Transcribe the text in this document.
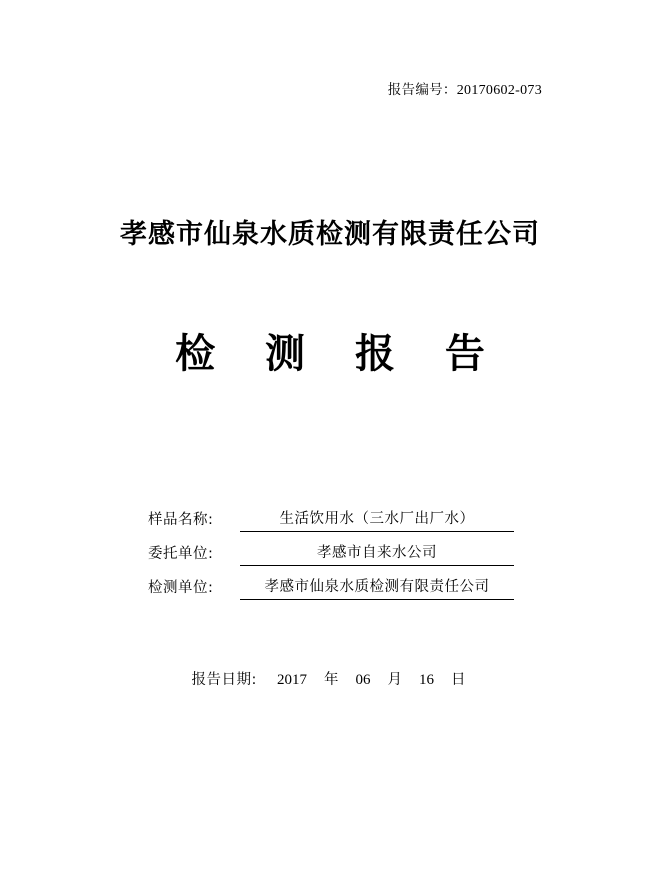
报告编号：20170602-073
孝感市仙泉水质检测有限责任公司
检 测 报 告
样品名称:	生活饮用水（三水厂出厂水）
委托单位:	孝感市自来水公司
检测单位:	孝感市仙泉水质检测有限责任公司
报告日期: 2017 年 06 月 16 日
